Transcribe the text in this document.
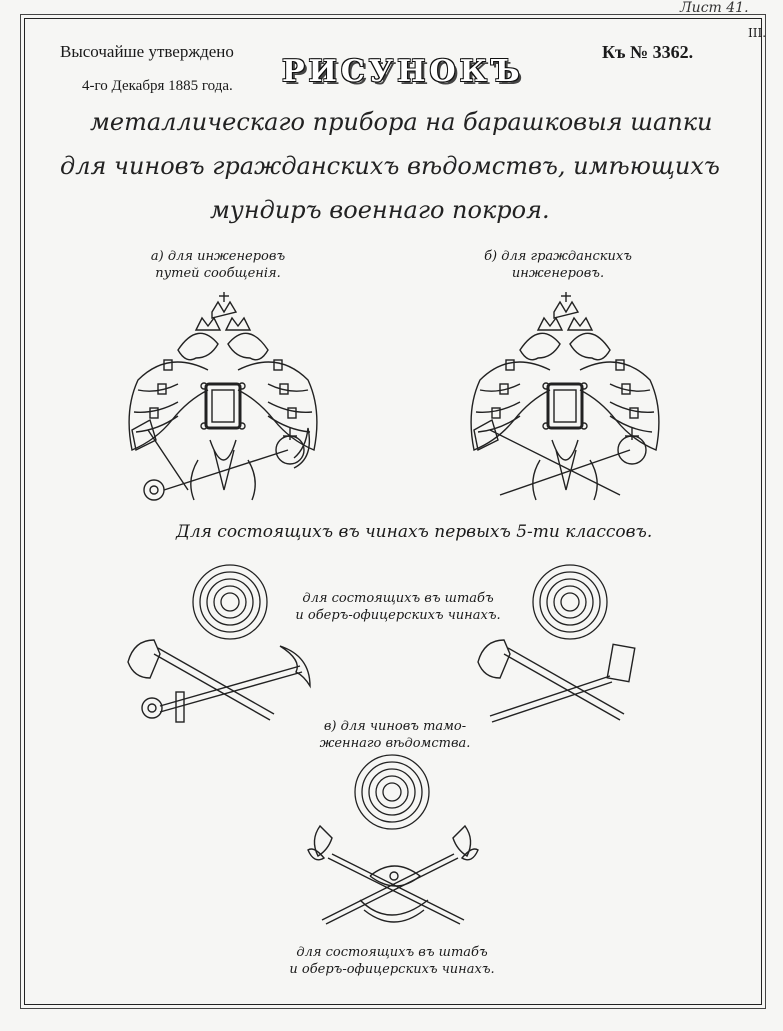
Лист 41.
III.
Высочайше утверждено
4-го Декабря 1885 года.
Къ № 3362.
РИСУНОКЪ
металлическаго прибора на барашковыя шапки
для чиновъ гражданскихъ вѣдомствъ, имѣющихъ
мундиръ военнаго покроя.
а) для инженеровъ
путей сообщенія.
б) для гражданскихъ
инженеровъ.
Для состоящихъ въ чинахъ первыхъ 5-ти классовъ.
для состоящихъ въ штабъ
и оберъ-офицерскихъ чинахъ.
в) для чиновъ тамо-
женнаго вѣдомства.
для состоящихъ въ штабъ
и оберъ-офицерскихъ чинахъ.
